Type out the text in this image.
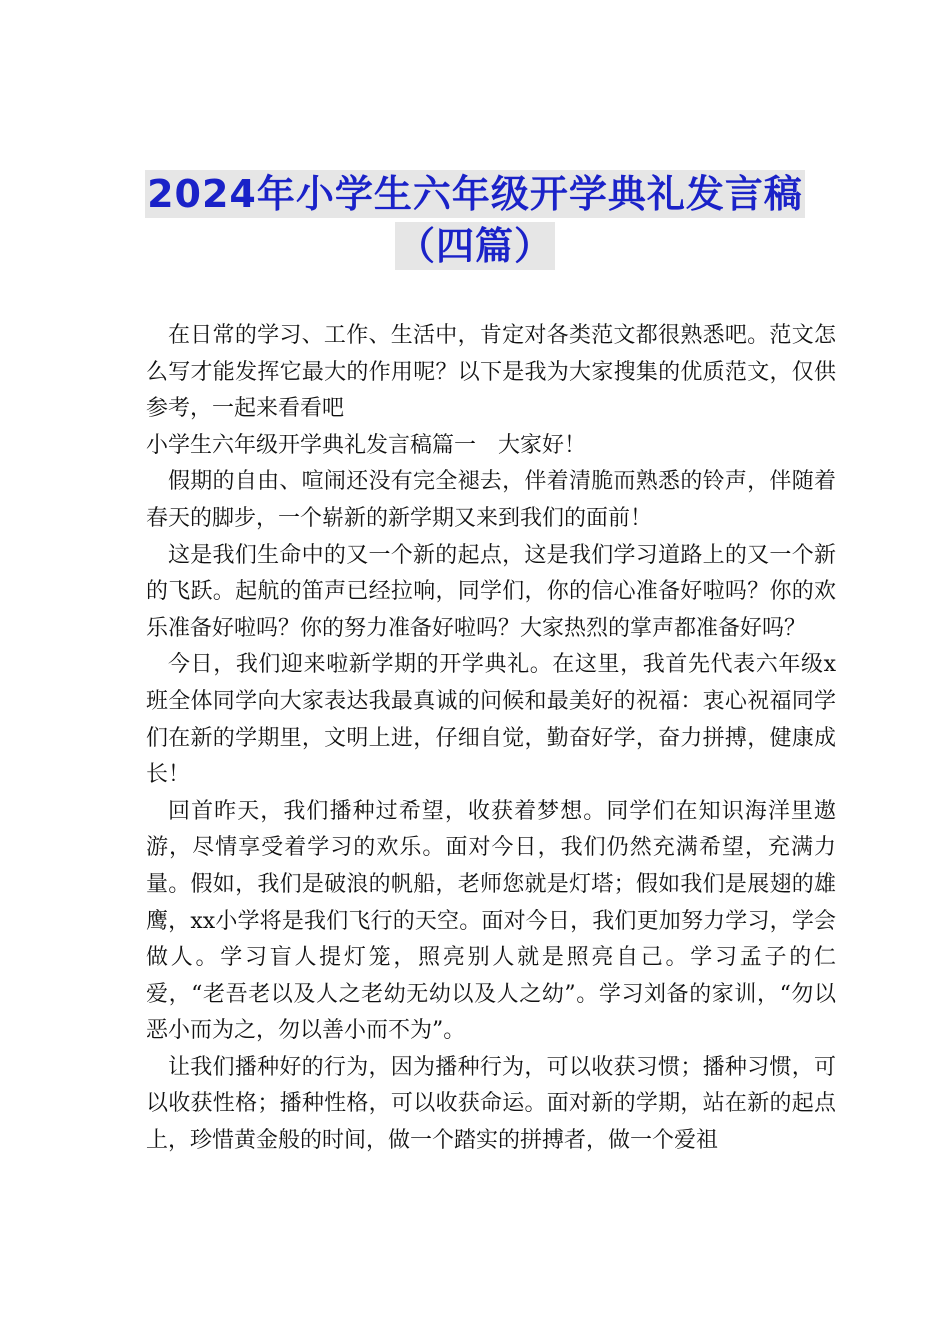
2024年小学生六年级开学典礼发言稿
（四篇）

在日常的学习、工作、生活中，肯定对各类范文都很熟悉吧。范文怎么写才能发挥它最大的作用呢？以下是我为大家搜集的优质范文，仅供参考，一起来看看吧

小学生六年级开学典礼发言稿篇一　大家好！

假期的自由、喧闹还没有完全褪去，伴着清脆而熟悉的铃声，伴随着春天的脚步，一个崭新的新学期又来到我们的面前！

这是我们生命中的又一个新的起点，这是我们学习道路上的又一个新的飞跃。起航的笛声已经拉响，同学们，你的信心准备好啦吗？你的欢乐准备好啦吗？你的努力准备好啦吗？大家热烈的掌声都准备好吗？

今日，我们迎来啦新学期的开学典礼。在这里，我首先代表六年级x班全体同学向大家表达我最真诚的问候和最美好的祝福：衷心祝福同学们在新的学期里，文明上进，仔细自觉，勤奋好学，奋力拼搏，健康成长！

回首昨天，我们播种过希望，收获着梦想。同学们在知识海洋里遨游，尽情享受着学习的欢乐。面对今日，我们仍然充满希望，充满力量。假如，我们是破浪的帆船，老师您就是灯塔；假如我们是展翅的雄鹰，xx小学将是我们飞行的天空。面对今日，我们更加努力学习，学会做人。学习盲人提灯笼，照亮别人就是照亮自己。学习孟子的仁爱，“老吾老以及人之老幼无幼以及人之幼”。学习刘备的家训，“勿以恶小而为之，勿以善小而不为”。

让我们播种好的行为，因为播种行为，可以收获习惯；播种习惯，可以收获性格；播种性格，可以收获命运。面对新的学期，站在新的起点上，珍惜黄金般的时间，做一个踏实的拼搏者，做一个爱祖
